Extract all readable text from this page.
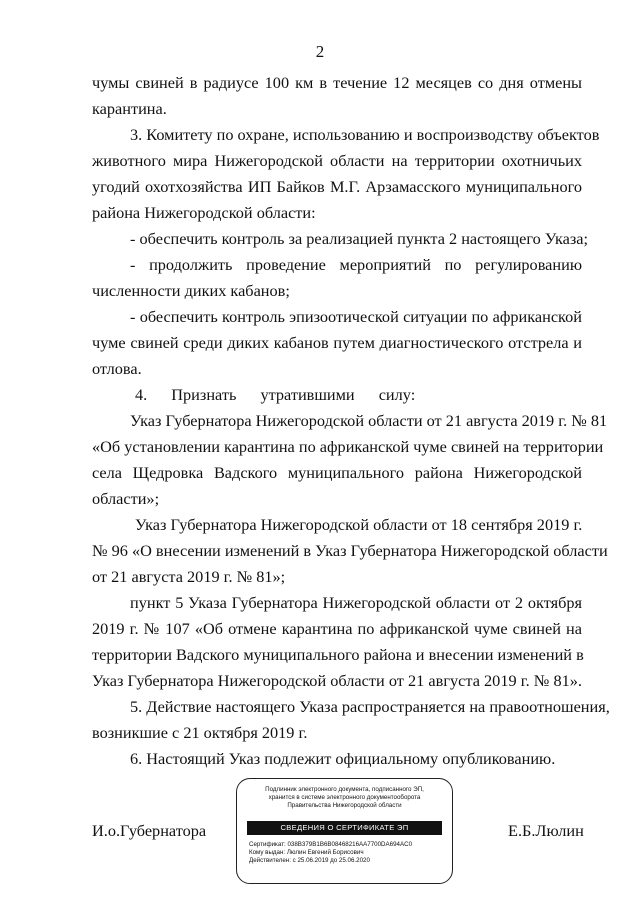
2
чумы свиней в радиусе 100 км в течение 12 месяцев со дня отмены
карантина.
3. Комитету по охране, использованию и воспроизводству объектов
животного мира Нижегородской области на территории охотничьих
угодий охотхозяйства ИП Байков М.Г. Арзамасского муниципального
района Нижегородской области:
- обеспечить контроль за реализацией пункта 2 настоящего Указа;
- продолжить проведение мероприятий по регулированию
численности диких кабанов;
- обеспечить контроль эпизоотической ситуации по африканской
чуме свиней среди диких кабанов путем диагностического отстрела и
отлова.
4. Признать утратившими силу:
Указ Губернатора Нижегородской области от 21 августа 2019 г. № 81
«Об установлении карантина по африканской чуме свиней на территории
села Щедровка Вадского муниципального района Нижегородской
области»;
Указ Губернатора Нижегородской области от 18 сентября 2019 г.
№ 96 «О внесении изменений в Указ Губернатора Нижегородской области
от 21 августа 2019 г. № 81»;
пункт 5 Указа Губернатора Нижегородской области от 2 октября
2019 г. № 107 «Об отмене карантина по африканской чуме свиней на
территории Вадского муниципального района и внесении изменений в
Указ Губернатора Нижегородской области от 21 августа 2019 г. № 81».
5. Действие настоящего Указа распространяется на правоотношения,
возникшие с 21 октября 2019 г.
6. Настоящий Указ подлежит официальному опубликованию.
И.о.Губернатора
Подлинник электронного документа, подписанного ЭП,
хранится в системе электронного документооборота
Правительства Нижегородской области
СВЕДЕНИЯ О СЕРТИФИКАТЕ ЭП
Сертификат: 038B379B1B6B08468216AA7700DA694AC0
Кому выдан: Люлин Евгений Борисович
Действителен: с 25.06.2019 до 25.06.2020
Е.Б.Люлин
